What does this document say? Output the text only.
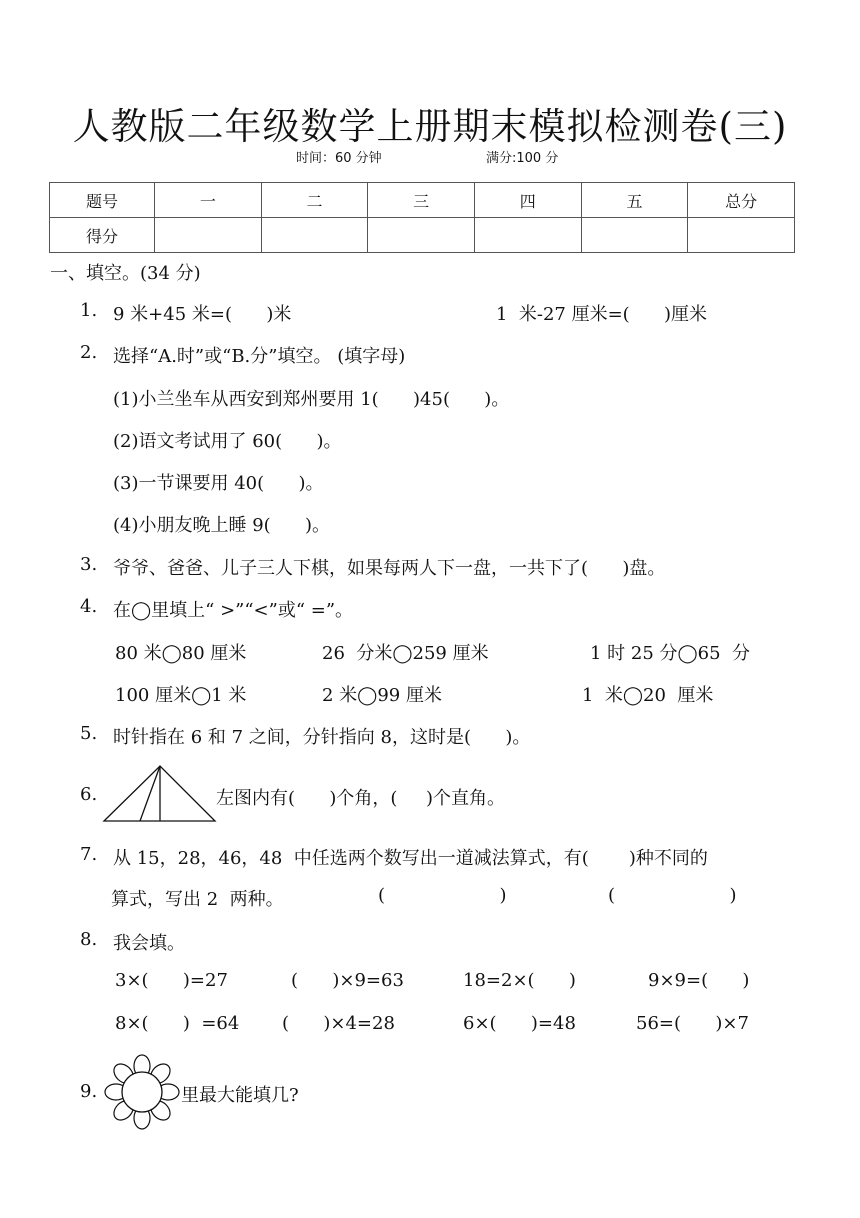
人教版二年级数学上册期末模拟检测卷(三)
时间：60 分钟	满分:100 分
题号	一	二	三	四	五	总分
得分						
一、填空。(34 分)
1. 9 米+45 米=(      )米	1  米-27 厘米=(      )厘米
2. 选择“A.时”或“B.分”填空。 (填字母)
(1)小兰坐车从西安到郑州要用 1(      )45(      )。
(2)语文考试用了 60(      )。
(3)一节课要用 40(      )。
(4)小朋友晚上睡 9(      )。
3. 爷爷、爸爸、儿子三人下棋，如果每两人下一盘，一共下了(      )盘。
4. 在◯里填上“ >”“<”或“ =”。
80 米◯80 厘米	26  分米◯259 厘米	1 时 25 分◯65  分
100 厘米◯1 米	2 米◯99 厘米	1  米◯20  厘米
5. 时针指在 6 和 7 之间，分针指向 8，这时是(      )。
6.	左图内有(      )个角，(     )个直角。
7. 从 15，28，46，48  中任选两个数写出一道减法算式，有(       )种不同的
算式，写出 2  两种。	(                    )	(                    )
8. 我会填。
3×(      )=27	(      )×9=63	18=2×(      )	9×9=(      )
8×(      )  =64 (      )×4=28	6×(      )=48	56=(      )×7
9.	里最大能填几?
